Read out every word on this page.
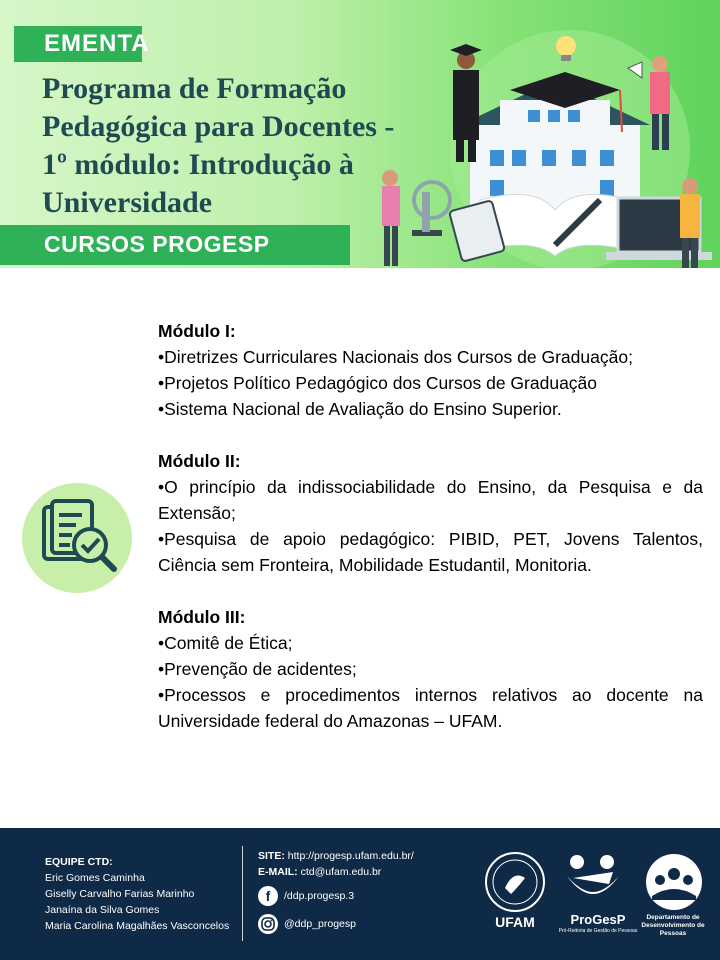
EMENTA
Programa de Formação Pedagógica para Docentes - 1º módulo: Introdução à Universidade
CURSOS PROGESP
Módulo I:
•Diretrizes Curriculares Nacionais dos Cursos de Graduação;
•Projetos Político Pedagógico dos Cursos de Graduação
•Sistema Nacional de Avaliação do Ensino Superior.
Módulo II:
•O princípio da indissociabilidade do Ensino, da Pesquisa e da Extensão;
•Pesquisa de apoio pedagógico: PIBID, PET, Jovens Talentos, Ciência sem Fronteira, Mobilidade Estudantil, Monitoria.
Módulo III:
•Comitê de Ética;
•Prevenção de acidentes;
•Processos e procedimentos internos relativos ao docente na Universidade federal do Amazonas – UFAM.
EQUIPE CTD:
Eric Gomes Caminha
Giselly Carvalho Farias Marinho
Janaína da Silva Gomes
Maria Carolina Magalhães Vasconcelos
SITE: http://progesp.ufam.edu.br/
E-MAIL: ctd@ufam.edu.br
f	/ddp.progesp.3
@ddp_progesp	UFAM	ProGesP
Pró-Reitoria de Gestão de Pessoas
Departamento de Desenvolvimento de Pessoas
